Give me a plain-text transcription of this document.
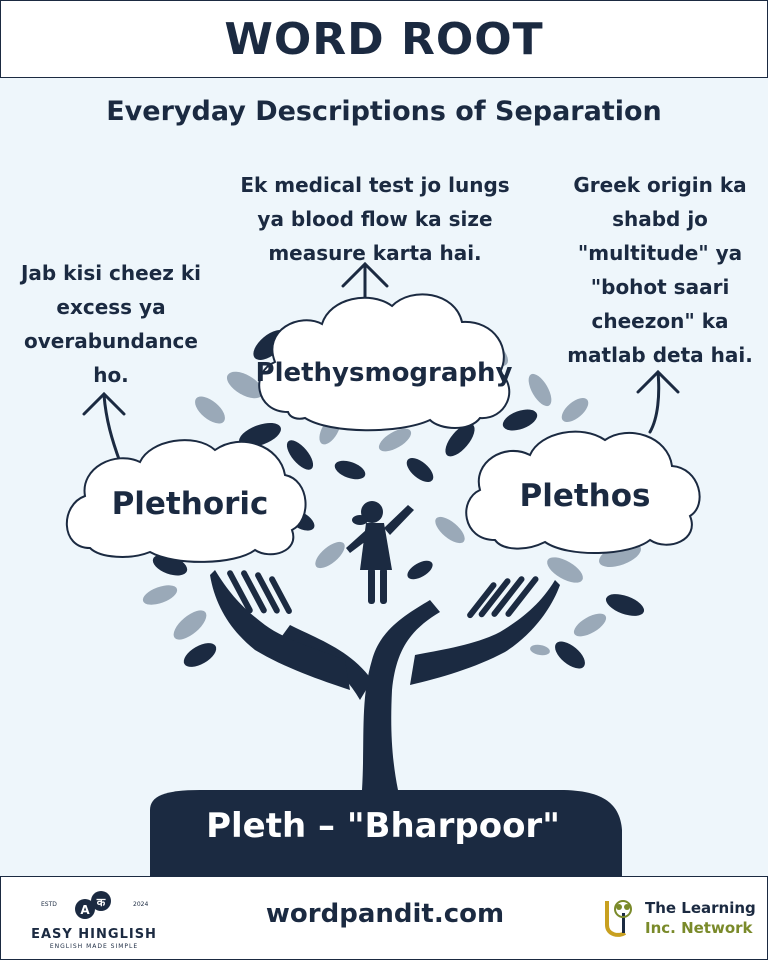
WORD ROOT
Everyday Descriptions of Separation
Ek medical test jo lungs ya blood flow ka size measure karta hai.
Jab kisi cheez ki excess ya overabundance ho.
Greek origin ka shabd jo "multitude" ya "bohot saari cheezon" ka matlab deta hai.
Plethysmography
Plethoric	Plethos
Pleth – "Bharpoor"
A
क
ESTD	2024
EASY HINGLISH
ENGLISH MADE SIMPLE
wordpandit.com	The Learning
Inc. Network
